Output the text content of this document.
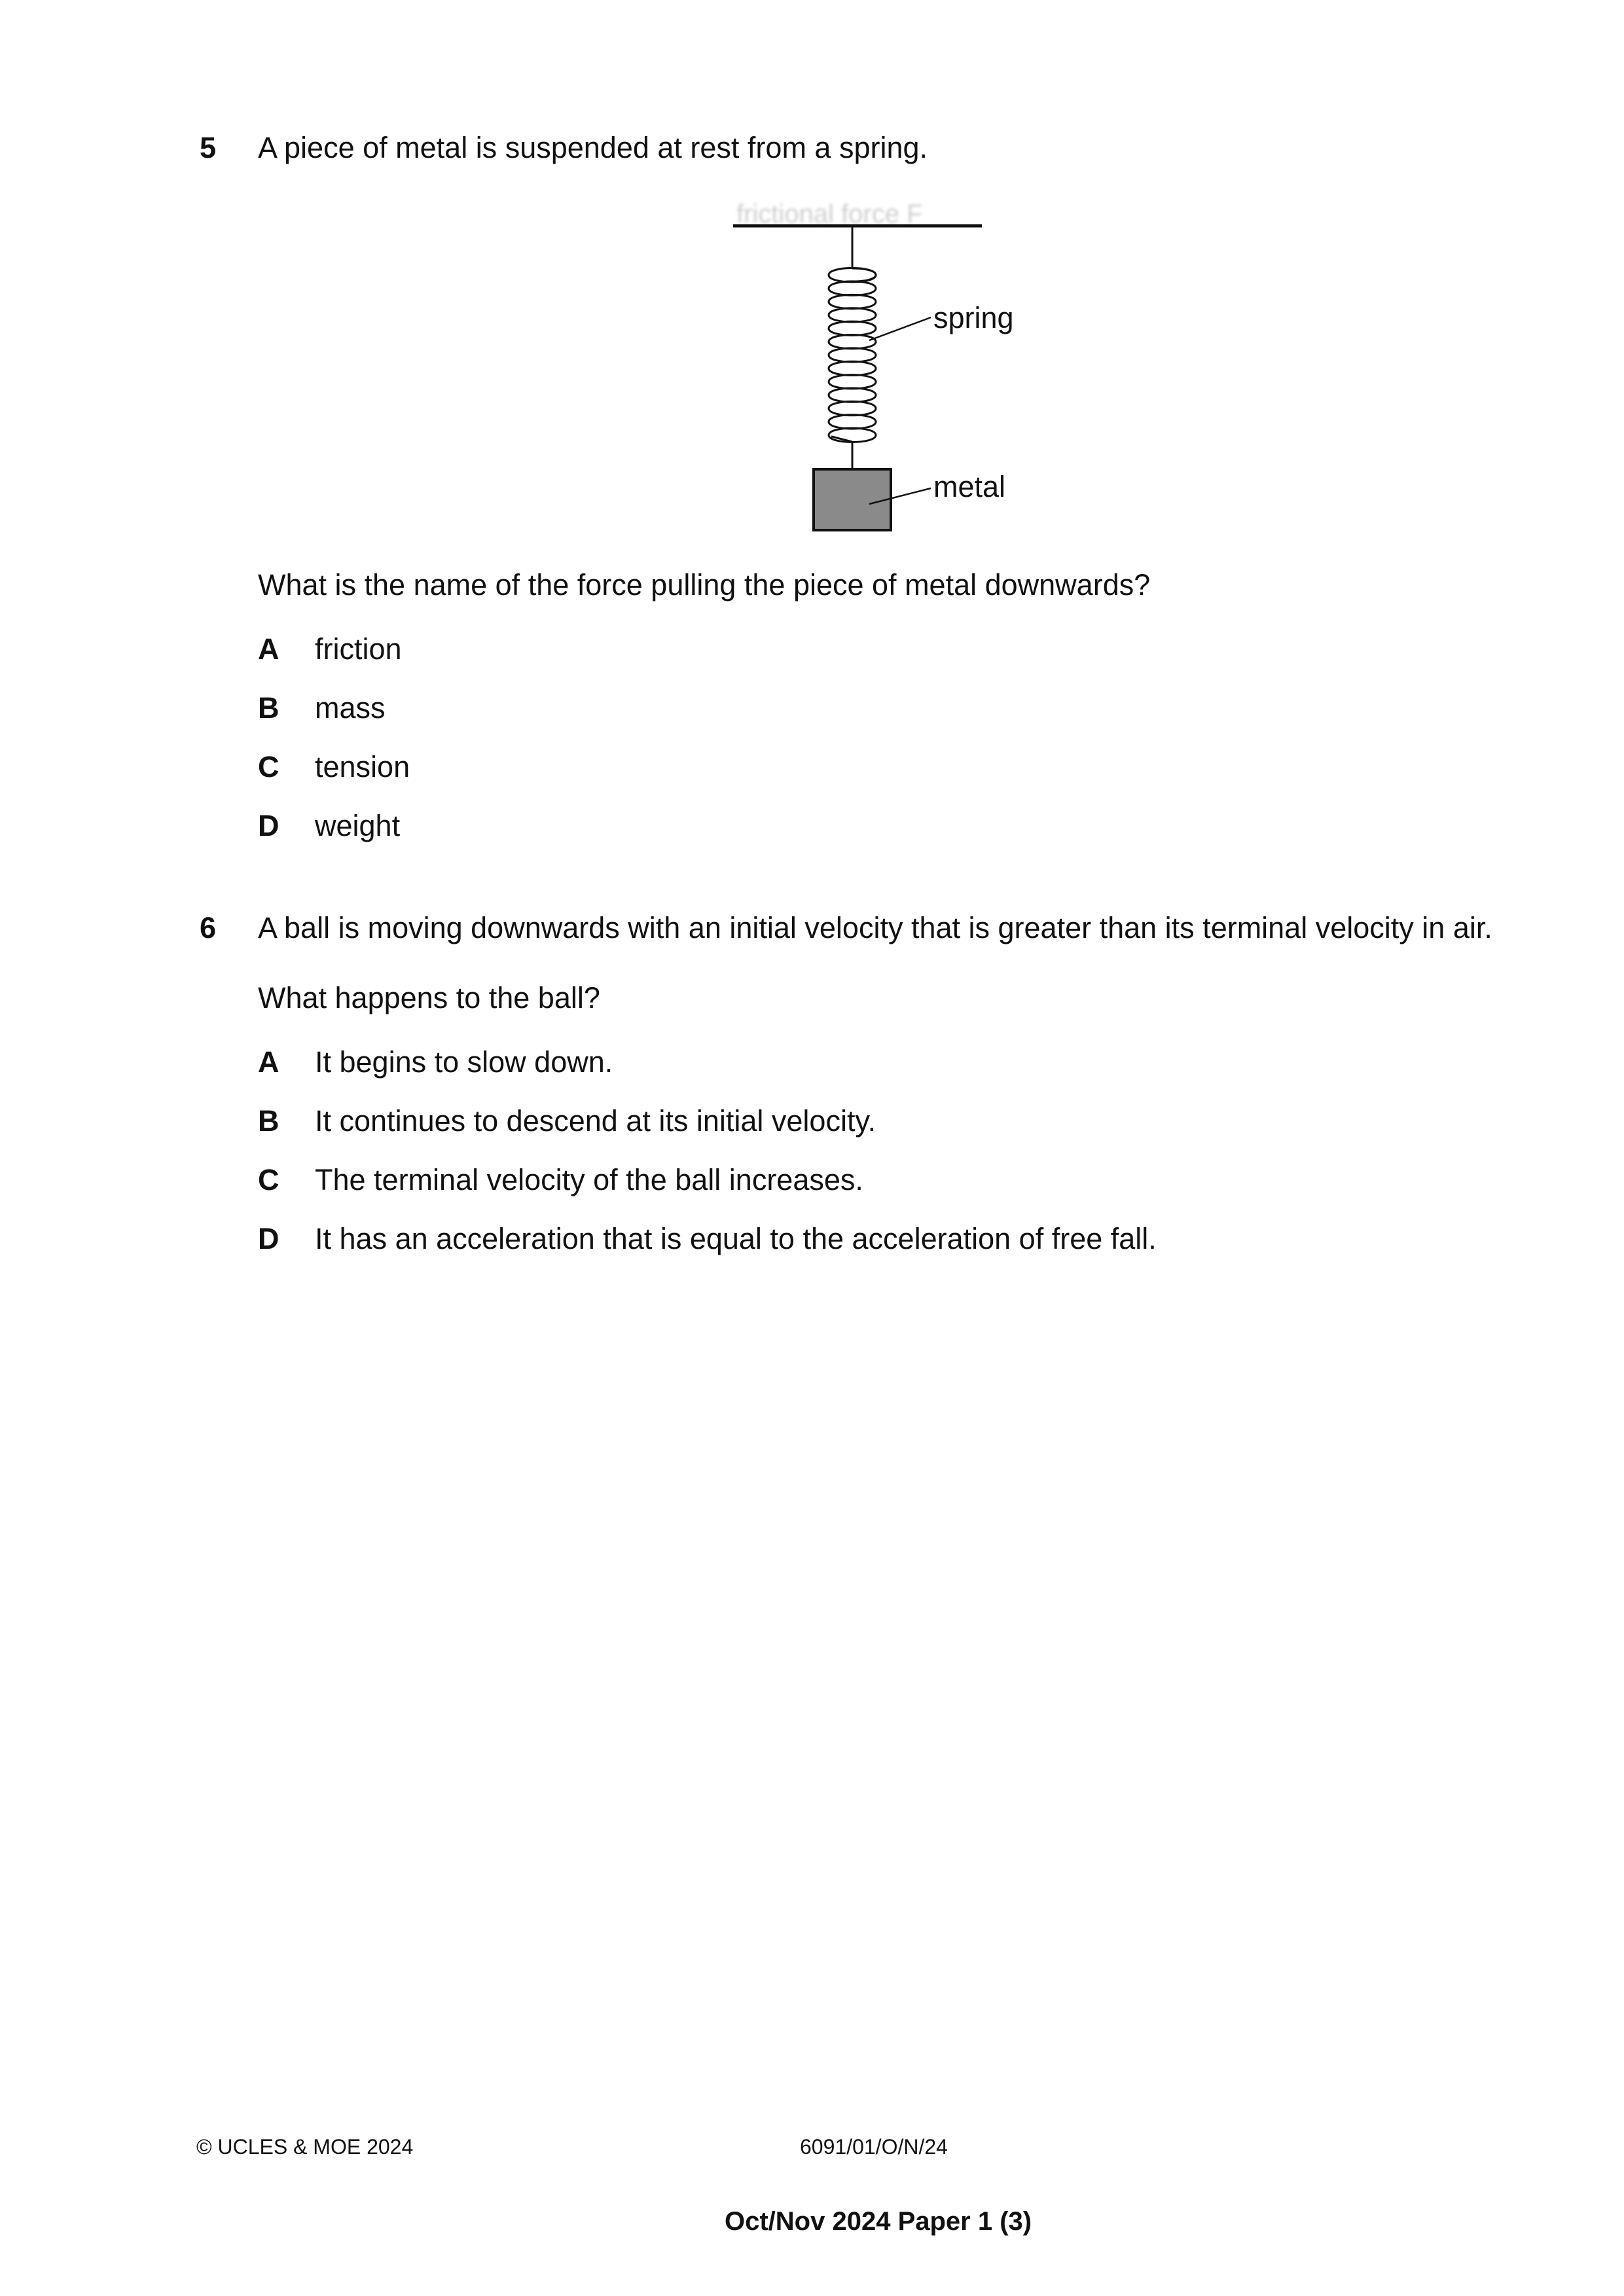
5 A piece of metal is suspended at rest from a spring.
frictional force F
spring
metal
What is the name of the force pulling the piece of metal downwards?
A friction
B mass
C tension
D weight
6 A ball is moving downwards with an initial velocity that is greater than its terminal velocity in air.
What happens to the ball?
A It begins to slow down.
B It continues to descend at its initial velocity.
C The terminal velocity of the ball increases.
D It has an acceleration that is equal to the acceleration of free fall.
© UCLES & MOE 2024	6091/01/O/N/24
Oct/Nov 2024 Paper 1 (3)
